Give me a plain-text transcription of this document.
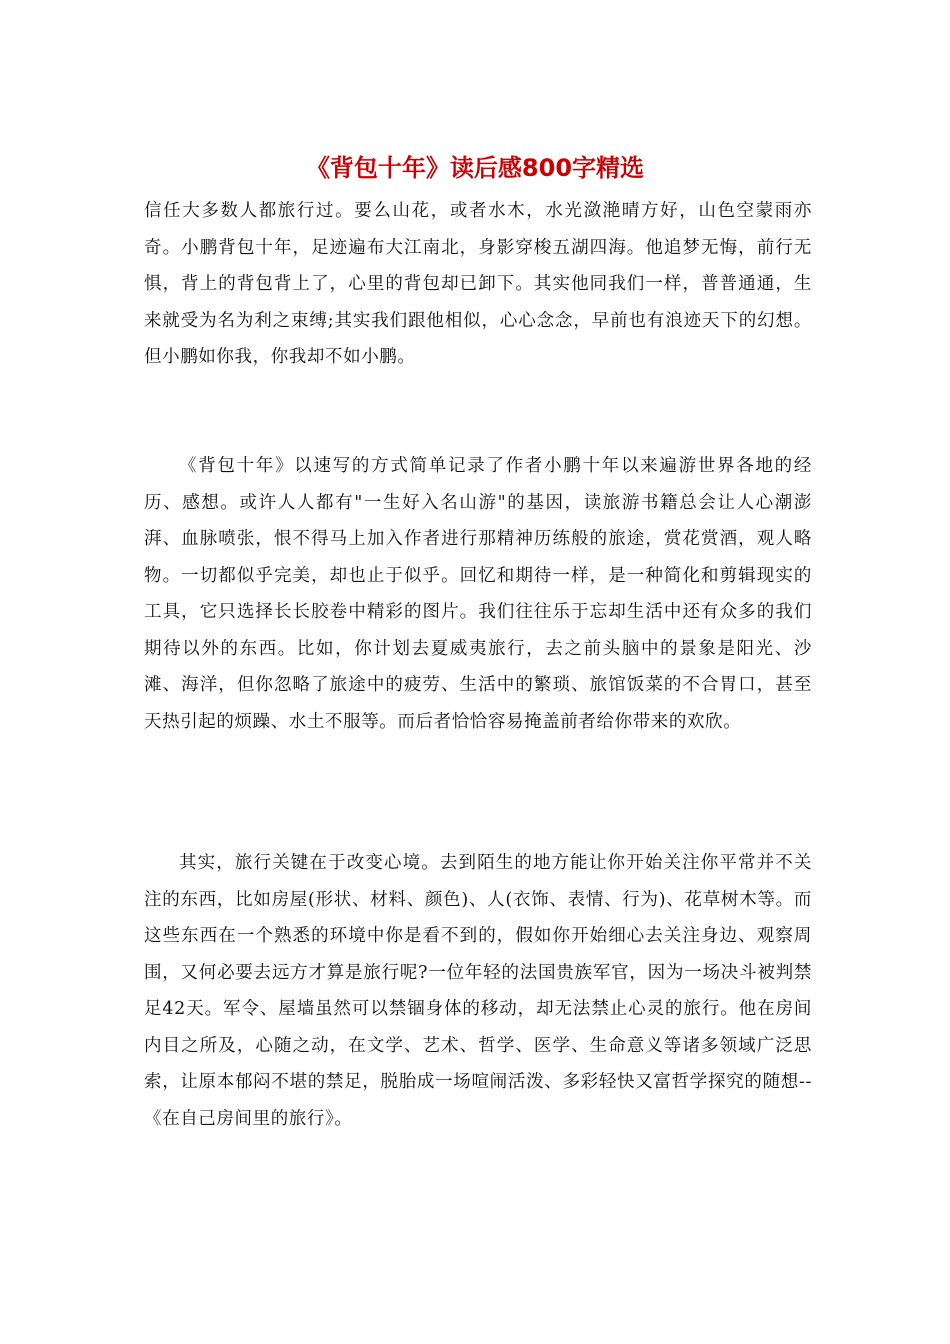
《背包十年》读后感800字精选

信任大多数人都旅行过。要么山花，或者水木，水光潋滟晴方好，山色空蒙雨亦奇。小鹏背包十年，足迹遍布大江南北，身影穿梭五湖四海。他追梦无悔，前行无惧，背上的背包背上了，心里的背包却已卸下。其实他同我们一样，普普通通，生来就受为名为利之束缚;其实我们跟他相似，心心念念，早前也有浪迹天下的幻想。但小鹏如你我，你我却不如小鹏。

《背包十年》以速写的方式简单记录了作者小鹏十年以来遍游世界各地的经历、感想。或许人人都有"一生好入名山游"的基因，读旅游书籍总会让人心潮澎湃、血脉喷张，恨不得马上加入作者进行那精神历练般的旅途，赏花赏酒，观人略物。一切都似乎完美，却也止于似乎。回忆和期待一样，是一种简化和剪辑现实的工具，它只选择长长胶卷中精彩的图片。我们往往乐于忘却生活中还有众多的我们期待以外的东西。比如，你计划去夏威夷旅行，去之前头脑中的景象是阳光、沙滩、海洋，但你忽略了旅途中的疲劳、生活中的繁琐、旅馆饭菜的不合胃口，甚至天热引起的烦躁、水土不服等。而后者恰恰容易掩盖前者给你带来的欢欣。

其实，旅行关键在于改变心境。去到陌生的地方能让你开始关注你平常并不关注的东西，比如房屋(形状、材料、颜色)、人(衣饰、表情、行为)、花草树木等。而这些东西在一个熟悉的环境中你是看不到的，假如你开始细心去关注身边、观察周围，又何必要去远方才算是旅行呢?一位年轻的法国贵族军官，因为一场决斗被判禁足42天。军令、屋墙虽然可以禁锢身体的移动，却无法禁止心灵的旅行。他在房间内目之所及，心随之动，在文学、艺术、哲学、医学、生命意义等诸多领域广泛思索，让原本郁闷不堪的禁足，脱胎成一场喧闹活泼、多彩轻快又富哲学探究的随想--《在自己房间里的旅行》。
